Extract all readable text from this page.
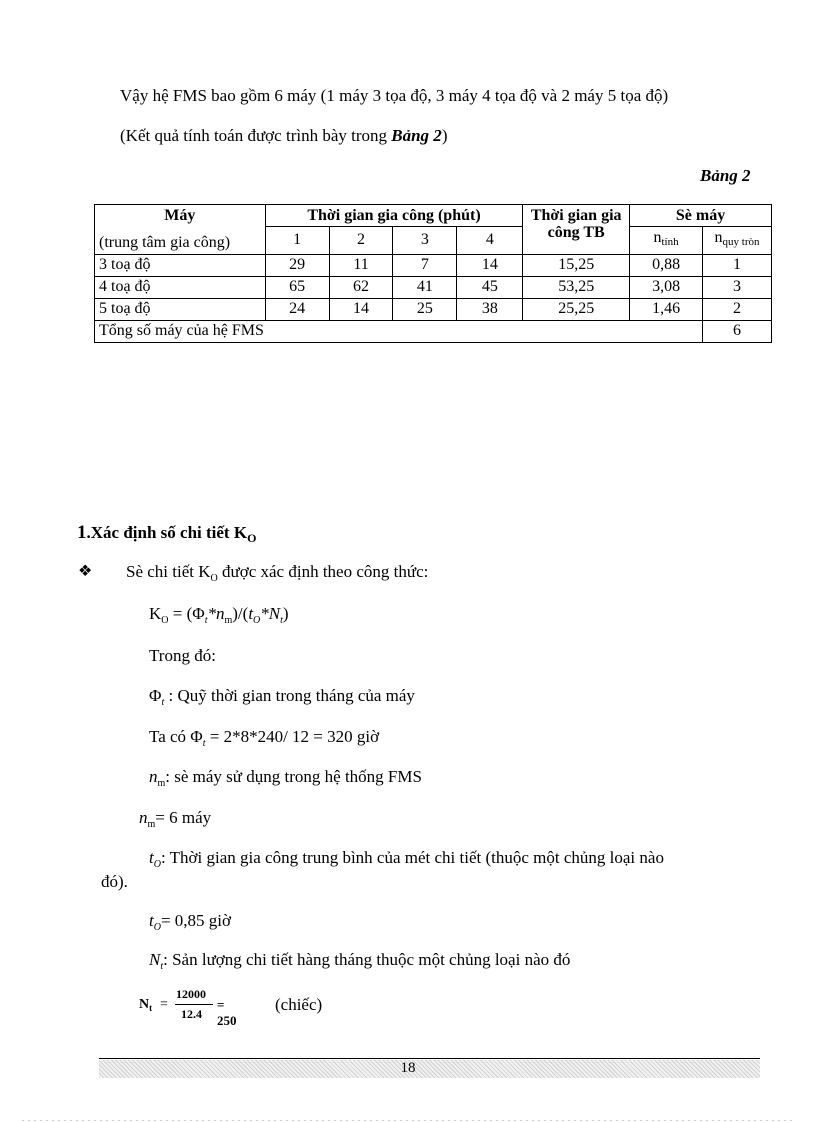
Vậy hệ FMS bao gồm 6 máy (1 máy 3 tọa độ, 3 máy 4 tọa độ và 2 máy 5 tọa độ)
(Kết quả tính toán được trình bày trong Bảng 2)
Bảng 2
Máy	Thời gian gia công (phút)				Thời gian gia công TB	Sè máy	
(trung tâm gia công)	1	2	3	4		$n_{tính}$	$n_{quy tròn}$
3 toạ độ	29	11	7	14	15,25	0,88	1
4 toạ độ	65	62	41	45	53,25	3,08	3
5 toạ độ	24	14	25	38	25,25	1,46	2
Tổng số máy của hệ FMS							6
1.Xác định số chi tiết $K_O$
❖ Sè chi tiết $K_O$ được xác định theo công thức:
$K_O = (\Phi_t*n_m)/(t_O*N_t)$
Trong đó:
$\Phi_t$ : Quỹ thời gian trong tháng của máy
Ta có $\Phi_t = 2*8*240/$ 12 = 320 giờ
$n_m$: sè máy sử dụng trong hệ thống FMS
$n_m= 6$ máy
$t_O$: Thời gian gia công trung bình của mét chi tiết (thuộc một chủng loại nào
đó).
$t_O= 0,85$ giờ
$N_t$: Sản lượng chi tiết hàng tháng thuộc một chủng loại nào đó
$N_t$ =
12000
12.4
= 250
(chiếc)
18
